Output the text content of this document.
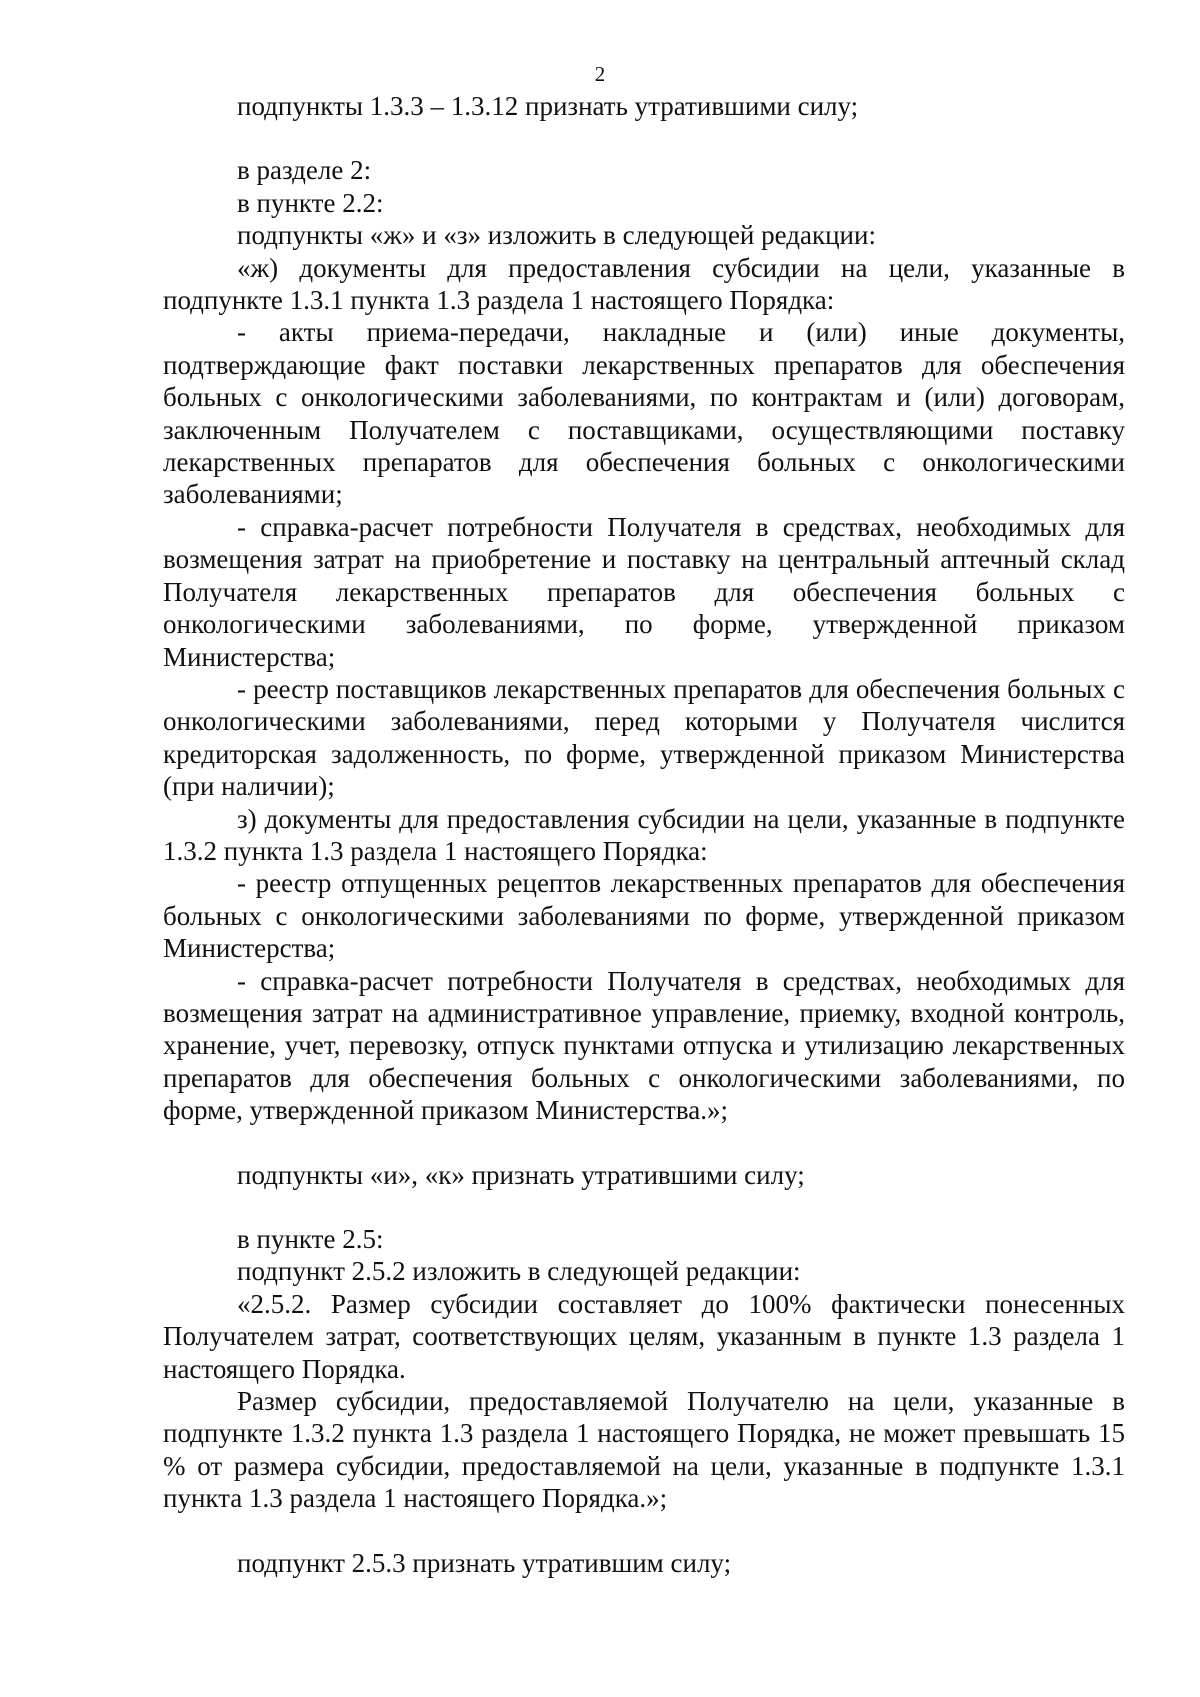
2

подпункты 1.3.3 – 1.3.12 признать утратившими силу;

в разделе 2:

в пункте 2.2:

подпункты «ж» и «з» изложить в следующей редакции:

«ж) документы для предоставления субсидии на цели, указанные в подпункте 1.3.1 пункта 1.3 раздела 1 настоящего Порядка:

- акты приема-передачи, накладные и (или) иные документы, подтверждающие факт поставки лекарственных препаратов для обеспечения больных с онкологическими заболеваниями, по контрактам и (или) договорам, заключенным Получателем с поставщиками, осуществляющими поставку лекарственных препаратов для обеспечения больных с онкологическими заболеваниями;

- справка-расчет потребности Получателя в средствах, необходимых для возмещения затрат на приобретение и поставку на центральный аптечный склад Получателя лекарственных препаратов для обеспечения больных с онкологическими заболеваниями, по форме, утвержденной приказом Министерства;

- реестр поставщиков лекарственных препаратов для обеспечения больных с онкологическими заболеваниями, перед которыми у Получателя числится кредиторская задолженность, по форме, утвержденной приказом Министерства (при наличии);

з) документы для предоставления субсидии на цели, указанные в подпункте 1.3.2 пункта 1.3 раздела 1 настоящего Порядка:

- реестр отпущенных рецептов лекарственных препаратов для обеспечения больных с онкологическими заболеваниями по форме, утвержденной приказом Министерства;

- справка-расчет потребности Получателя в средствах, необходимых для возмещения затрат на административное управление, приемку, входной контроль, хранение, учет, перевозку, отпуск пунктами отпуска и утилизацию лекарственных препаратов для обеспечения больных с онкологическими заболеваниями, по форме, утвержденной приказом Министерства.»;

подпункты «и», «к» признать утратившими силу;

в пункте 2.5:

подпункт 2.5.2 изложить в следующей редакции:

«2.5.2. Размер субсидии составляет до 100% фактически понесенных Получателем затрат, соответствующих целям, указанным в пункте 1.3 раздела 1 настоящего Порядка.

Размер субсидии, предоставляемой Получателю на цели, указанные в подпункте 1.3.2 пункта 1.3 раздела 1 настоящего Порядка, не может превышать 15 % от размера субсидии, предоставляемой на цели, указанные в подпункте 1.3.1 пункта 1.3 раздела 1 настоящего Порядка.»;

подпункт 2.5.3 признать утратившим силу;
